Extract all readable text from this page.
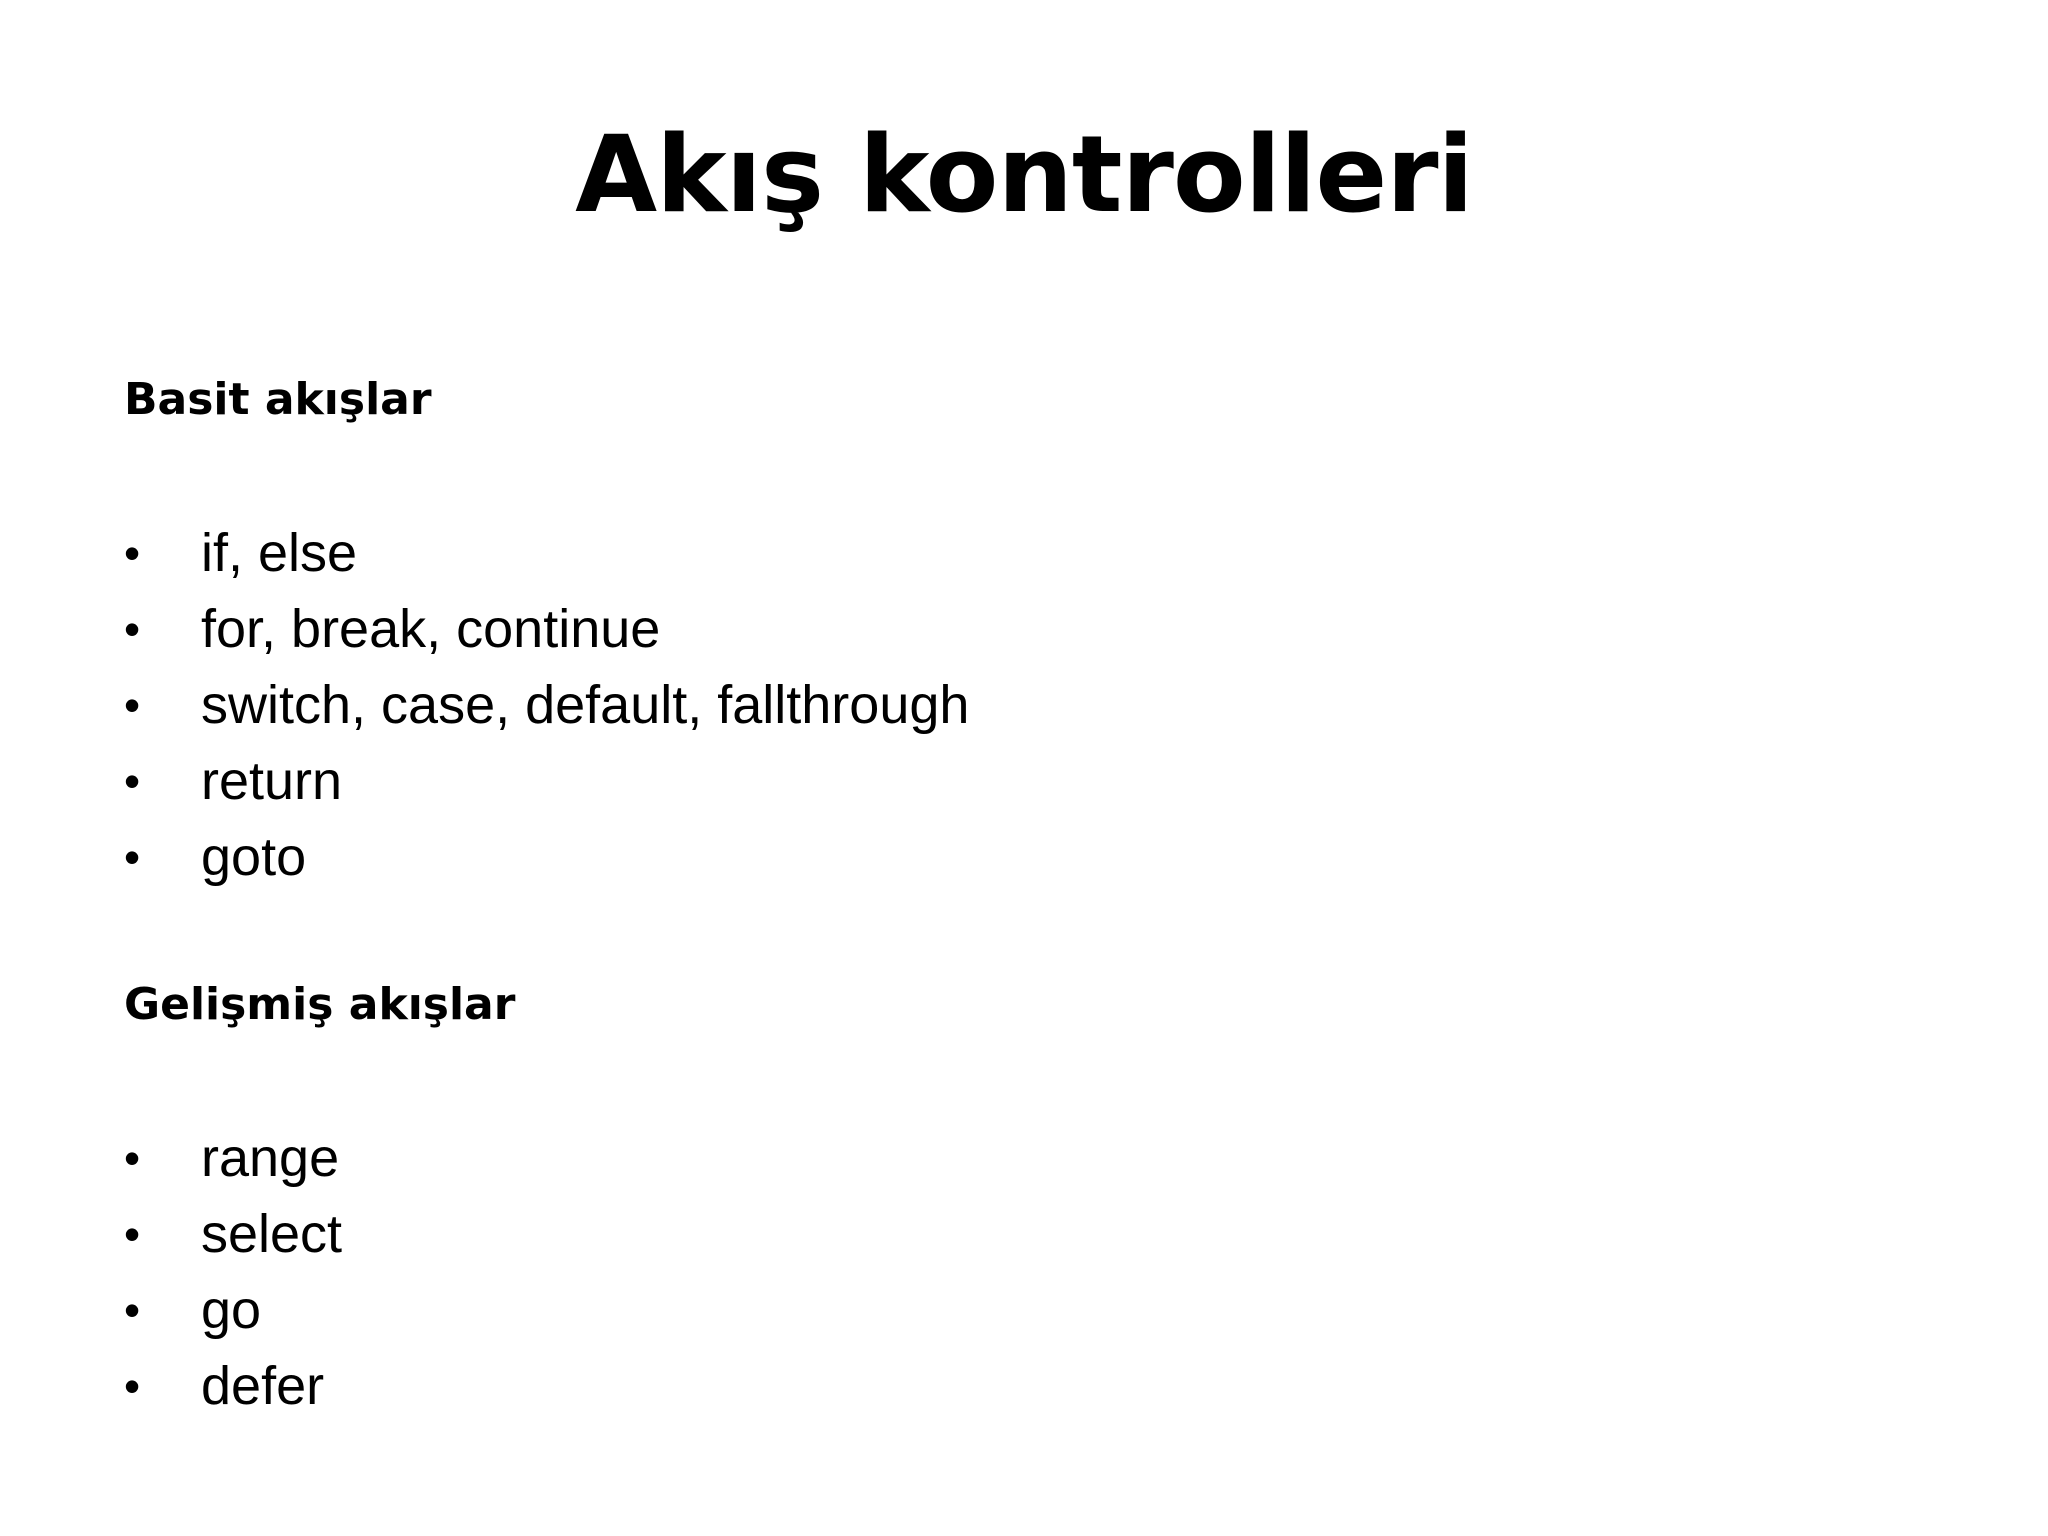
Akış kontrolleri
Basit akışlar
•	if, else
•	for, break, continue
•	switch, case, default, fallthrough
•	return
•	goto
Gelişmiş akışlar
•	range
•	select
•	go
•	defer
